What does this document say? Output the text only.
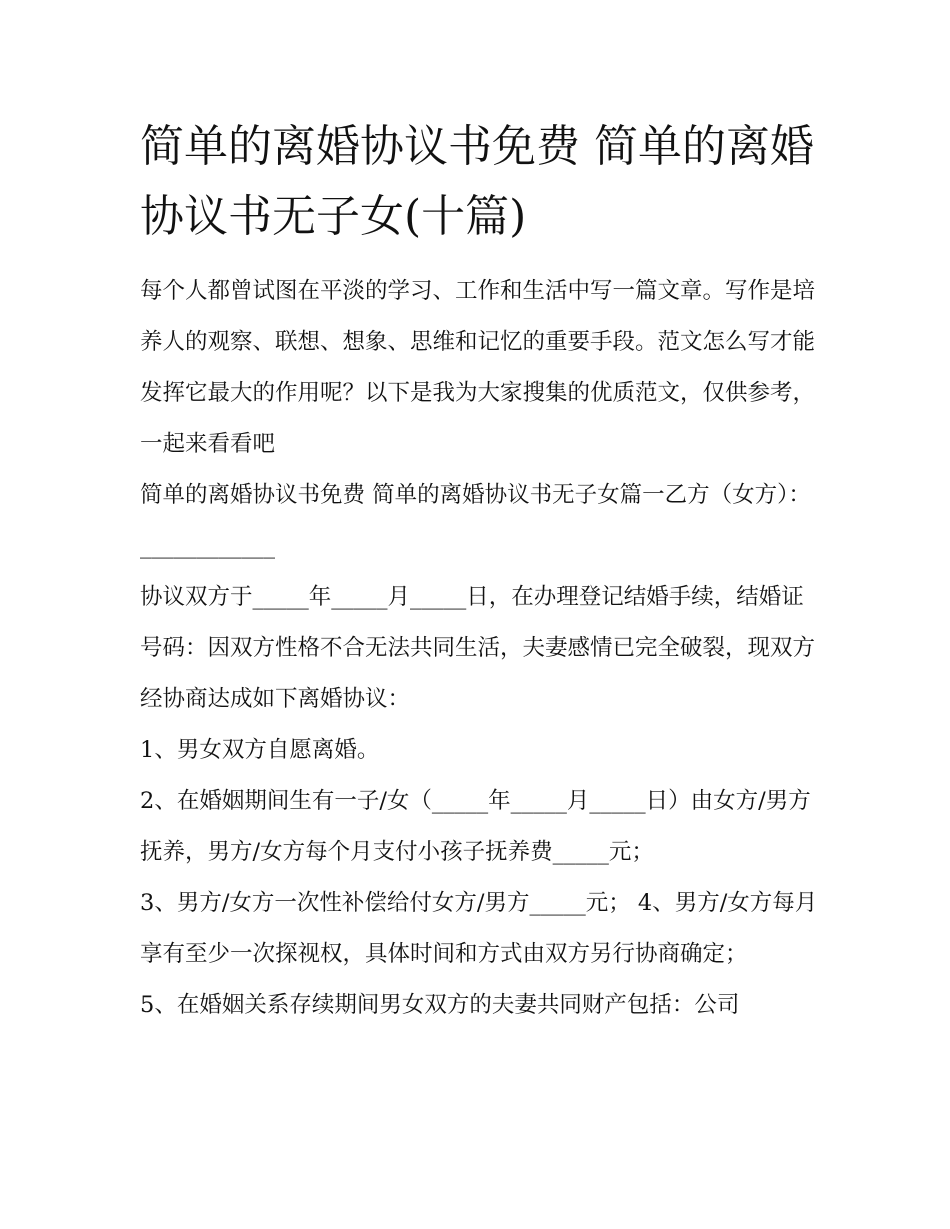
简单的离婚协议书免费 简单的离婚协议书无子女(十篇)

每个人都曾试图在平淡的学习、工作和生活中写一篇文章。写作是培养人的观察、联想、想象、思维和记忆的重要手段。范文怎么写才能发挥它最大的作用呢？以下是我为大家搜集的优质范文，仅供参考，一起来看看吧

简单的离婚协议书免费 简单的离婚协议书无子女篇一乙方（女方）：____________

协议双方于_____年_____月_____日，在办理登记结婚手续，结婚证号码：因双方性格不合无法共同生活，夫妻感情已完全破裂，现双方经协商达成如下离婚协议：

1、男女双方自愿离婚。

2、在婚姻期间生有一子/女（_____年_____月_____日）由女方/男方抚养，男方/女方每个月支付小孩子抚养费_____元；

3、男方/女方一次性补偿给付女方/男方_____元； 4、男方/女方每月享有至少一次探视权，具体时间和方式由双方另行协商确定；

5、在婚姻关系存续期间男女双方的夫妻共同财产包括：公司
